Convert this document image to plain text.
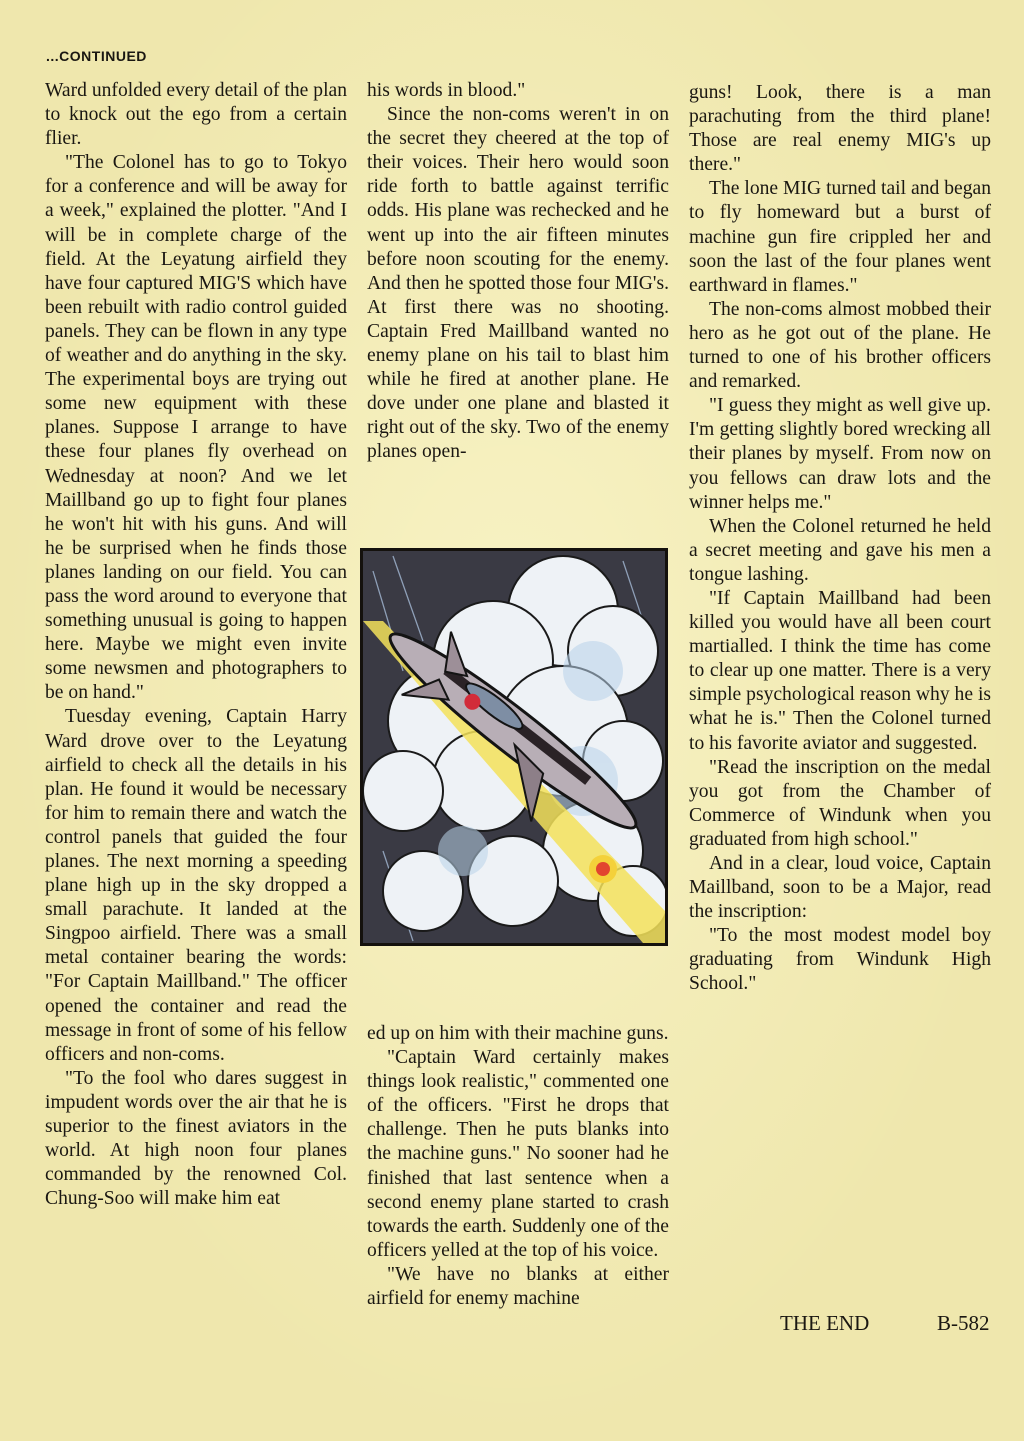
...CONTINUED

Ward unfolded every detail of the plan to knock out the ego from a certain flier.

"The Colonel has to go to Tokyo for a conference and will be away for a week," explained the plotter. "And I will be in complete charge of the field. At the Leyatung airfield they have four captured MIG'S which have been rebuilt with radio control guided panels. They can be flown in any type of weather and do anything in the sky. The experimental boys are trying out some new equipment with these planes. Suppose I arrange to have these four planes fly overhead on Wednesday at noon? And we let Maillband go up to fight four planes he won't hit with his guns. And will he be surprised when he finds those planes landing on our field. You can pass the word around to everyone that something unusual is going to happen here. Maybe we might even invite some newsmen and photographers to be on hand."

Tuesday evening, Captain Harry Ward drove over to the Leyatung airfield to check all the details in his plan. He found it would be necessary for him to remain there and watch the control panels that guided the four planes. The next morning a speeding plane high up in the sky dropped a small parachute. It landed at the Singpoo airfield. There was a small metal container bearing the words: "For Captain Maillband." The officer opened the container and read the message in front of some of his fellow officers and non-coms.

"To the fool who dares suggest in impudent words over the air that he is superior to the finest aviators in the world. At high noon four planes commanded by the renowned Col. Chung-Soo will make him eat

his words in blood."

Since the non-coms weren't in on the secret they cheered at the top of their voices. Their hero would soon ride forth to battle against terrific odds. His plane was rechecked and he went up into the air fifteen minutes before noon scouting for the enemy. And then he spotted those four MIG's. At first there was no shooting. Captain Fred Maillband wanted no enemy plane on his tail to blast him while he fired at another plane. He dove under one plane and blasted it right out of the sky. Two of the enemy planes open-

ed up on him with their machine guns.

"Captain Ward certainly makes things look realistic," commented one of the officers. "First he drops that challenge. Then he puts blanks into the machine guns." No sooner had he finished that last sentence when a second enemy plane started to crash towards the earth. Suddenly one of the officers yelled at the top of his voice.

"We have no blanks at either airfield for enemy machine

guns! Look, there is a man parachuting from the third plane! Those are real enemy MIG's up there."

The lone MIG turned tail and began to fly homeward but a burst of machine gun fire crippled her and soon the last of the four planes went earthward in flames."

The non-coms almost mobbed their hero as he got out of the plane. He turned to one of his brother officers and remarked.

"I guess they might as well give up. I'm getting slightly bored wrecking all their planes by myself. From now on you fellows can draw lots and the winner helps me."

When the Colonel returned he held a secret meeting and gave his men a tongue lashing.

"If Captain Maillband had been killed you would have all been court martialled. I think the time has come to clear up one matter. There is a very simple psychological reason why he is what he is." Then the Colonel turned to his favorite aviator and suggested.

"Read the inscription on the medal you got from the Chamber of Commerce of Windunk when you graduated from high school."

And in a clear, loud voice, Captain Maillband, soon to be a Major, read the inscription:

"To the most modest model boy graduating from Windunk High School."

THE END	B-582
